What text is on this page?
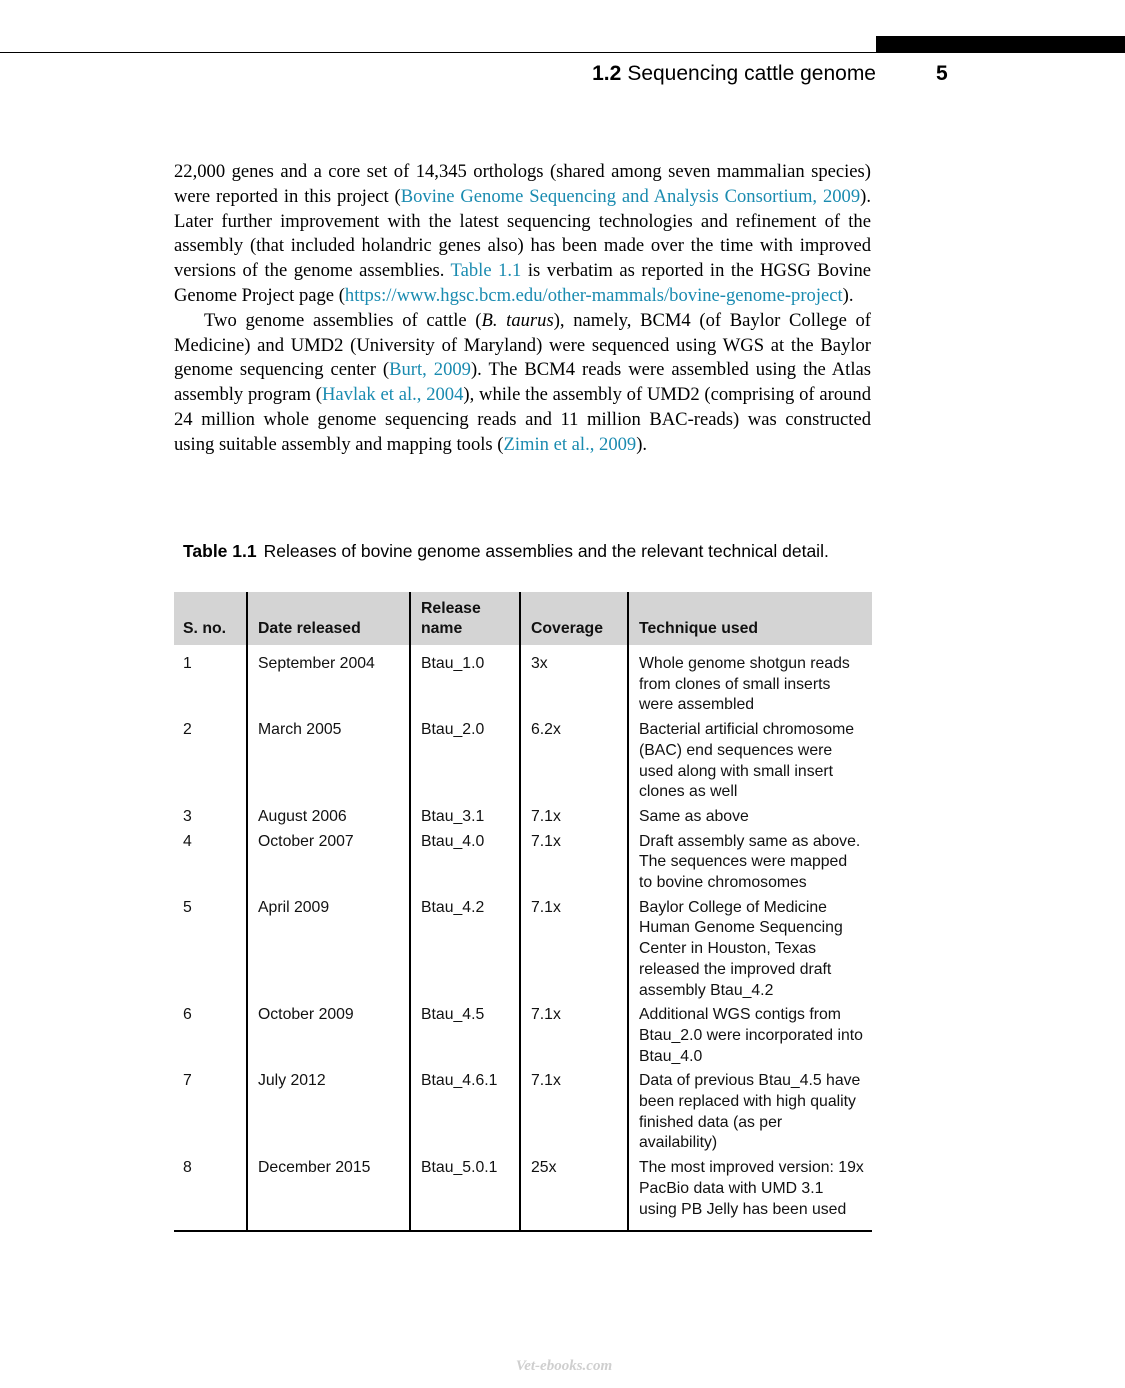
1.2 Sequencing cattle genome	5

22,000 genes and a core set of 14,345 orthologs (shared among seven mammalian species) were reported in this project (Bovine Genome Sequencing and Analysis Consortium, 2009). Later further improvement with the latest sequencing technologies and refinement of the assembly (that included holandric genes also) has been made over the time with improved versions of the genome assemblies. Table 1.1 is verbatim as reported in the HGSG Bovine Genome Project page (https://www.hgsc.bcm.edu/other-mammals/bovine-genome-project).

Two genome assemblies of cattle (B. taurus), namely, BCM4 (of Baylor College of Medicine) and UMD2 (University of Maryland) were sequenced using WGS at the Baylor genome sequencing center (Burt, 2009). The BCM4 reads were assembled using the Atlas assembly program (Havlak et al., 2004), while the assembly of UMD2 (comprising of around 24 million whole genome sequencing reads and 11 million BAC-reads) was constructed using suitable assembly and mapping tools (Zimin et al., 2009).

Table 1.1 Releases of bovine genome assemblies and the relevant technical detail.
S. no.	Date released	Release name	Coverage	Technique used
1	September 2004	Btau_1.0	3x	Whole genome shotgun reads from clones of small inserts were assembled
2	March 2005	Btau_2.0	6.2x	Bacterial artificial chromosome (BAC) end sequences were used along with small insert clones as well
3	August 2006	Btau_3.1	7.1x	Same as above
4	October 2007	Btau_4.0	7.1x	Draft assembly same as above. The sequences were mapped to bovine chromosomes
5	April 2009	Btau_4.2	7.1x	Baylor College of Medicine Human Genome Sequencing Center in Houston, Texas released the improved draft assembly Btau_4.2
6	October 2009	Btau_4.5	7.1x	Additional WGS contigs from Btau_2.0 were incorporated into Btau_4.0
7	July 2012	Btau_4.6.1	7.1x	Data of previous Btau_4.5 have been replaced with high quality finished data (as per availability)
8	December 2015	Btau_5.0.1	25x	The most improved version: 19x PacBio data with UMD 3.1 using PB Jelly has been used
Vet-ebooks.com
